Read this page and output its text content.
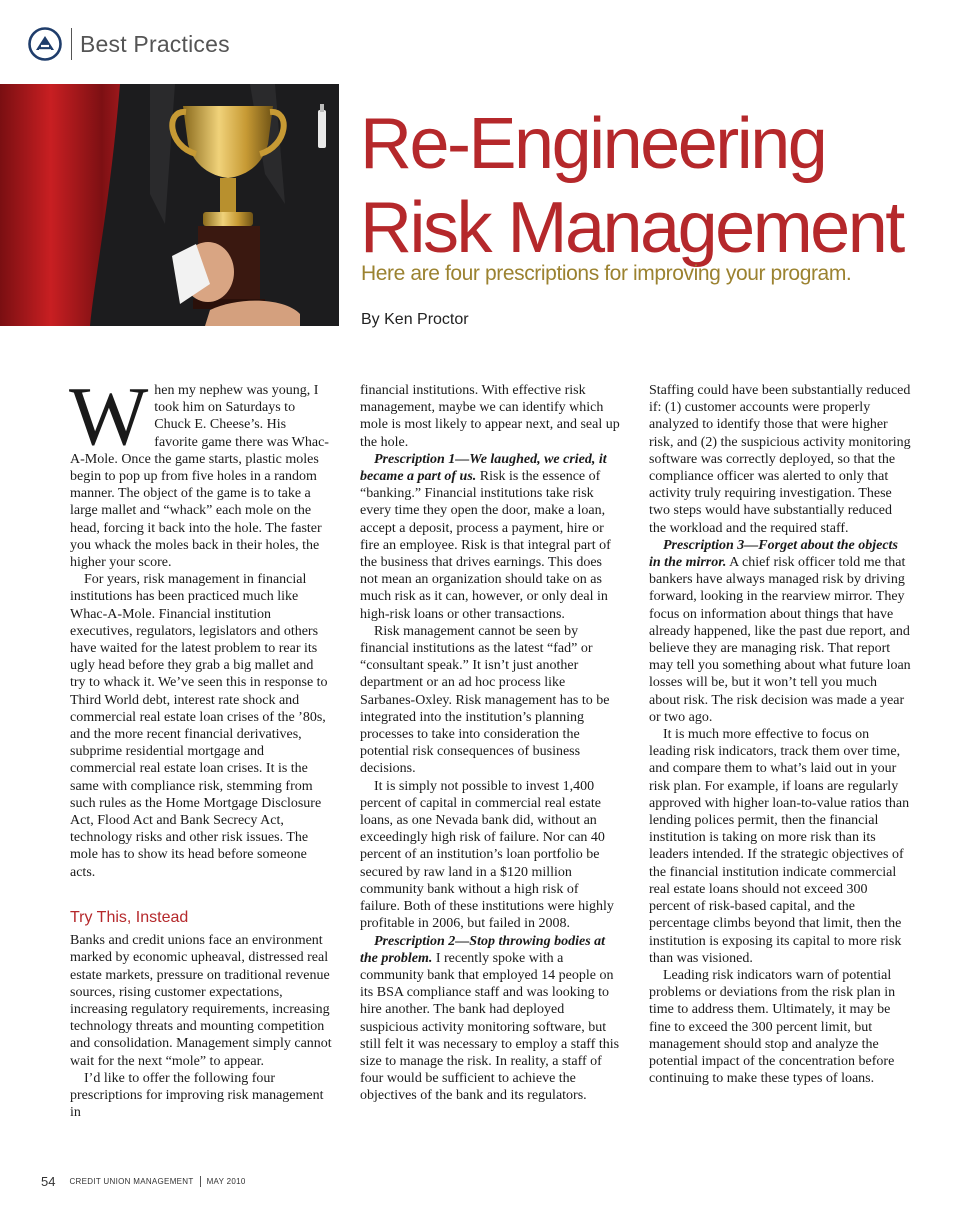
Best Practices
Re-Engineering
Risk Management
Here are four prescriptions for improving your program.
By Ken Proctor

When my nephew was young, I took him on Saturdays to Chuck E. Cheese’s. His favorite game there was Whac-A-Mole. Once the game starts, plastic moles begin to pop up from five holes in a random manner. The object of the game is to take a large mallet and “whack” each mole on the head, forcing it back into the hole. The faster you whack the moles back in their holes, the higher your score.

For years, risk management in financial institutions has been practiced much like Whac-A-Mole. Financial institution executives, regulators, legislators and others have waited for the latest problem to rear its ugly head before they grab a big mallet and try to whack it. We’ve seen this in response to Third World debt, interest rate shock and commercial real estate loan crises of the ’80s, and the more recent financial derivatives, subprime residential mortgage and commercial real estate loan crises. It is the same with compliance risk, stemming from such rules as the Home Mortgage Disclosure Act, Flood Act and Bank Secrecy Act, technology risks and other risk issues. The mole has to show its head before someone acts.

Try This, Instead

Banks and credit unions face an environment marked by economic upheaval, distressed real estate markets, pressure on traditional revenue sources, rising customer expectations, increasing regulatory requirements, increasing technology threats and mounting competition and consolidation. Management simply cannot wait for the next “mole” to appear.

I’d like to offer the following four prescriptions for improving risk management in

financial institutions. With effective risk management, maybe we can identify which mole is most likely to appear next, and seal up the hole.

Prescription 1—We laughed, we cried, it became a part of us. Risk is the essence of “banking.” Financial institutions take risk every time they open the door, make a loan, accept a deposit, process a payment, hire or fire an employee. Risk is that integral part of the business that drives earnings. This does not mean an organization should take on as much risk as it can, however, or only deal in high-risk loans or other transactions.

Risk management cannot be seen by financial institutions as the latest “fad” or “consultant speak.” It isn’t just another department or an ad hoc process like Sarbanes-Oxley. Risk management has to be integrated into the institution’s planning processes to take into consideration the potential risk consequences of business decisions.

It is simply not possible to invest 1,400 percent of capital in commercial real estate loans, as one Nevada bank did, without an exceedingly high risk of failure. Nor can 40 percent of an institution’s loan portfolio be secured by raw land in a $120 million community bank without a high risk of failure. Both of these institutions were highly profitable in 2006, but failed in 2008.

Prescription 2—Stop throwing bodies at the problem. I recently spoke with a community bank that employed 14 people on its BSA compliance staff and was looking to hire another. The bank had deployed suspicious activity monitoring software, but still felt it was necessary to employ a staff this size to manage the risk. In reality, a staff of four would be sufficient to achieve the objectives of the bank and its regulators.

Staffing could have been substantially reduced if: (1) customer accounts were properly analyzed to identify those that were higher risk, and (2) the suspicious activity monitoring software was correctly deployed, so that the compliance officer was alerted to only that activity truly requiring investigation. These two steps would have substantially reduced the workload and the required staff.

Prescription 3—Forget about the objects in the mirror. A chief risk officer told me that bankers have always managed risk by driving forward, looking in the rearview mirror. They focus on information about things that have already happened, like the past due report, and believe they are managing risk. That report may tell you something about what future loan losses will be, but it won’t tell you much about risk. The risk decision was made a year or two ago.

It is much more effective to focus on leading risk indicators, track them over time, and compare them to what’s laid out in your risk plan. For example, if loans are regularly approved with higher loan-to-value ratios than lending polices permit, then the financial institution is taking on more risk than its leaders intended. If the strategic objectives of the financial institution indicate commercial real estate loans should not exceed 300 percent of risk-based capital, and the percentage climbs beyond that limit, then the institution is exposing its capital to more risk than was visioned.

Leading risk indicators warn of potential problems or deviations from the risk plan in time to address them. Ultimately, it may be fine to exceed the 300 percent limit, but management should stop and analyze the potential impact of the concentration before continuing to make these types of loans.

54 CREDIT UNION MANAGEMENT MAY 2010
